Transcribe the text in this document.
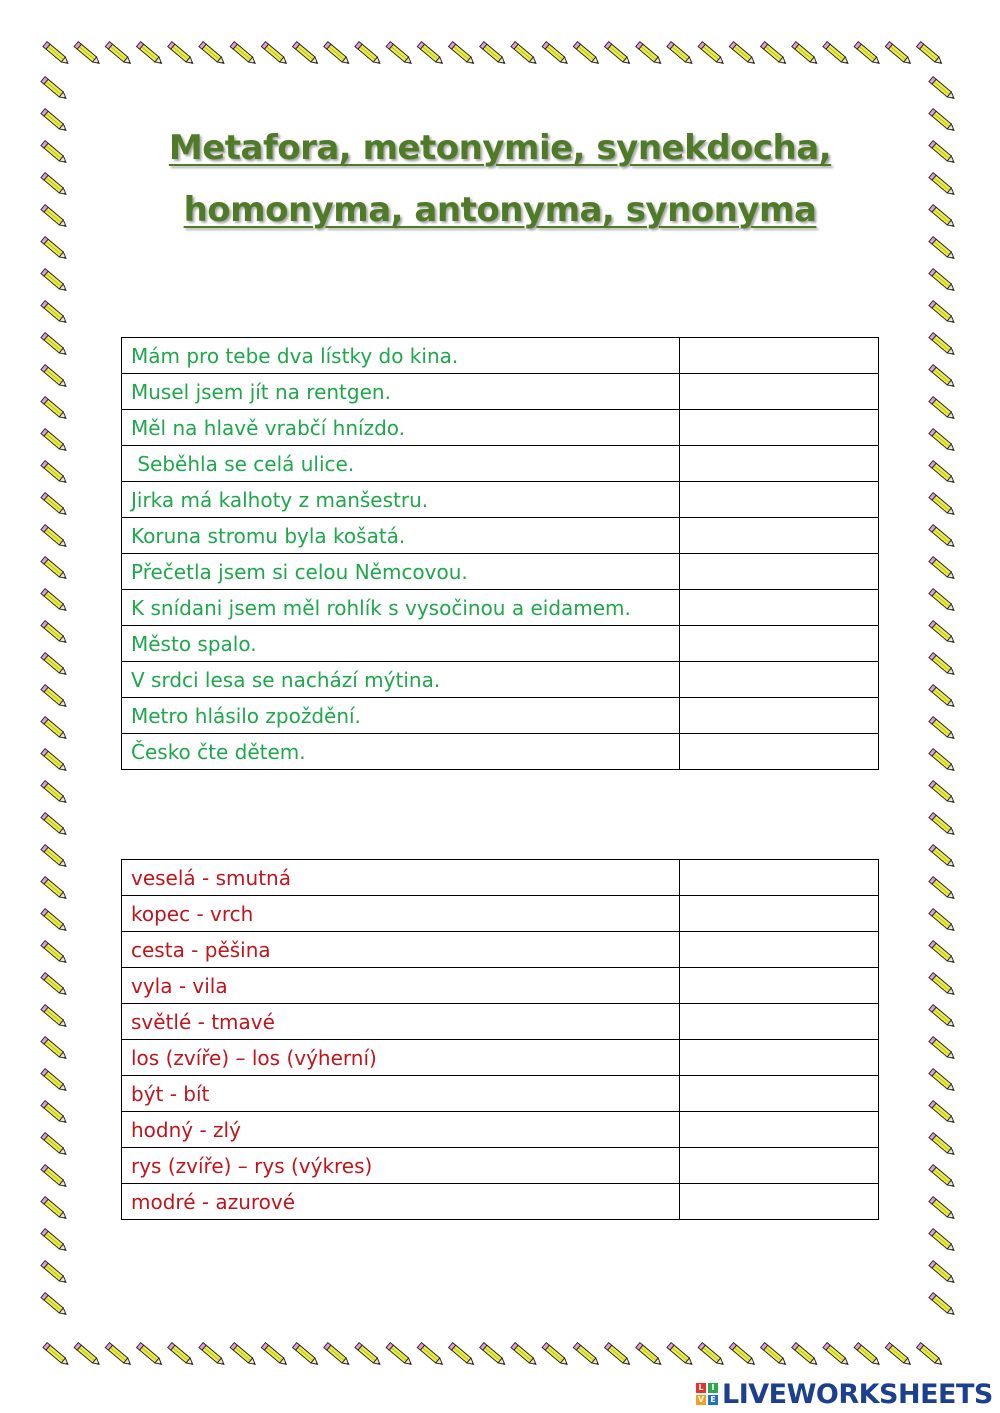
Metafora, metonymie, synekdocha,
homonyma, antonyma, synonyma
Mám pro tebe dva lístky do kina.	
Musel jsem jít na rentgen.	
Měl na hlavě vrabčí hnízdo.	
Seběhla se celá ulice.	
Jirka má kalhoty z manšestru.	
Koruna stromu byla košatá.	
Přečetla jsem si celou Němcovou.	
K snídani jsem měl rohlík s vysočinou a eidamem.	
Město spalo.	
V srdci lesa se nachází mýtina.	
Metro hlásilo zpoždění.	
Česko čte dětem.	
veselá - smutná	
kopec - vrch	
cesta - pěšina	
vyla - vila	
světlé - tmavé	
los (zvíře) – los (výherní)	
být - bít	
hodný - zlý	
rys (zvíře) – rys (výkres)	
modré - azurové	
L I
V E LIVEWORKSHEETS
